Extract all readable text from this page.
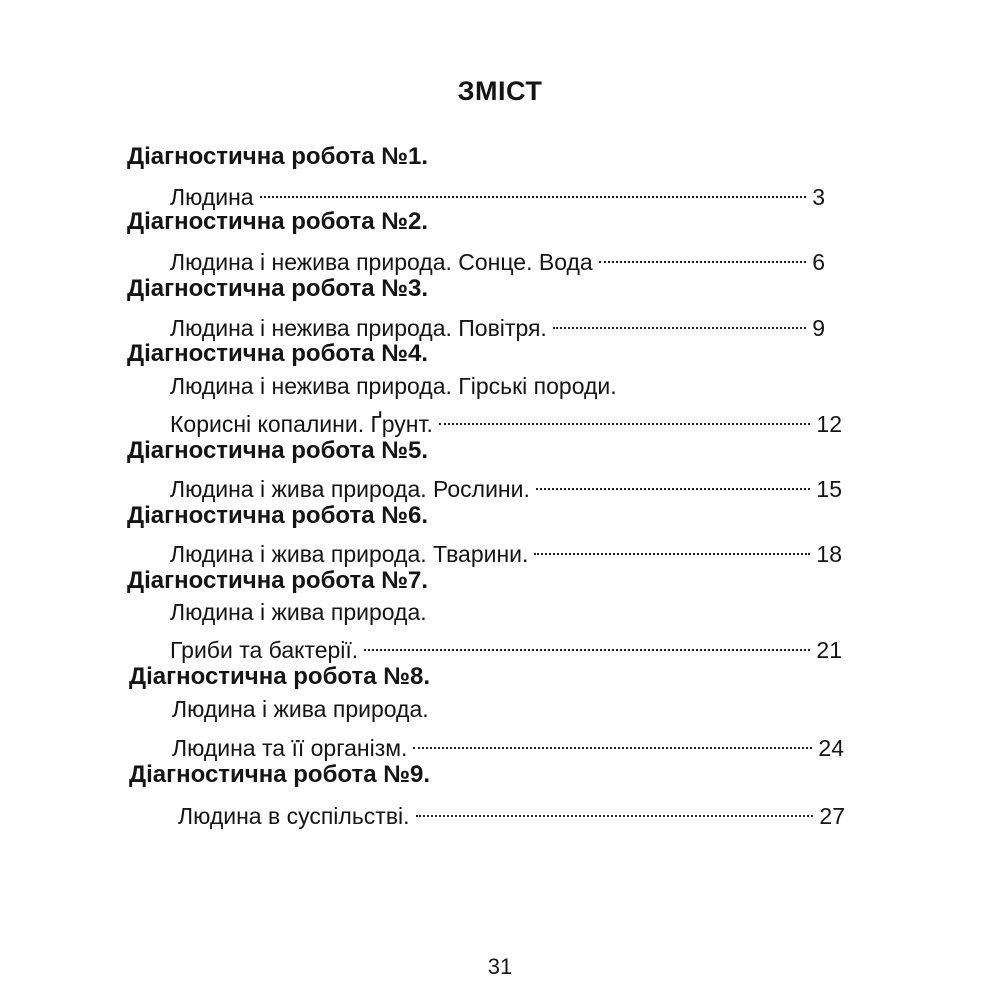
ЗМІСТ
Діагностична робота №1.
Людина	3
Діагностична робота №2.
Людина і нежива природа. Сонце. Вода	6
Діагностична робота №3.
Людина і нежива природа. Повітря.	9
Діагностична робота №4.
Людина і нежива природа. Гірські породи.
Корисні копалини. Ґрунт.	12
Діагностична робота №5.
Людина і жива природа. Рослини.	15
Діагностична робота №6.
Людина і жива природа. Тварини.	18
Діагностична робота №7.
Людина і жива природа.
Гриби та бактерії.	21
Діагностична робота №8.
Людина і жива природа.
Людина та її організм.	24
Діагностична робота №9.
Людина в суспільстві.	27
31
